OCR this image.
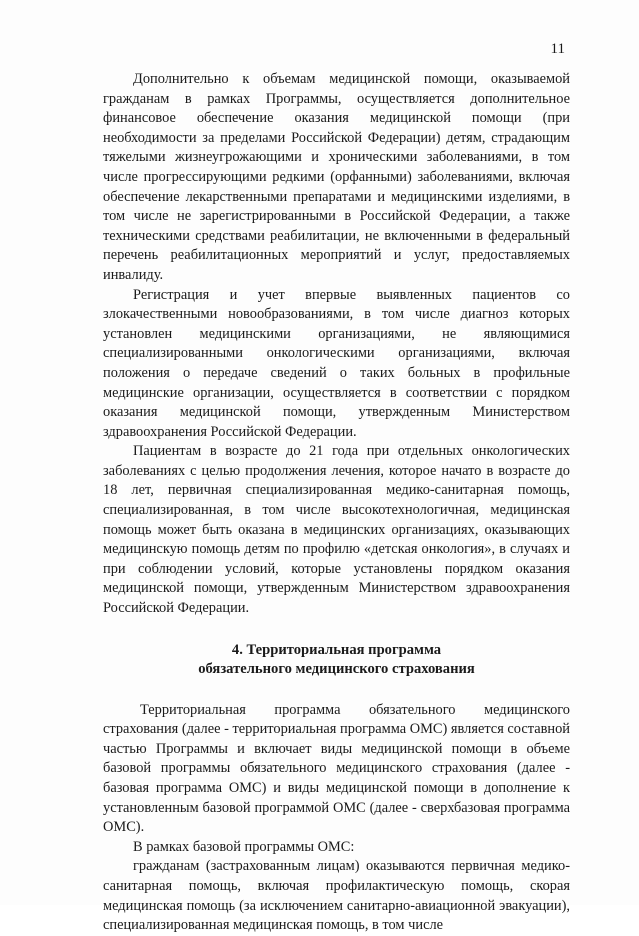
11

Дополнительно к объемам медицинской помощи, оказываемой гражданам в рамках Программы, осуществляется дополнительное финансовое обеспечение оказания медицинской помощи (при необходимости за пределами Российской Федерации) детям, страдающим тяжелыми жизнеугрожающими и хроническими заболеваниями, в том числе прогрессирующими редкими (орфанными) заболеваниями, включая обеспечение лекарственными препаратами и медицинскими изделиями, в том числе не зарегистрированными в Российской Федерации, а также техническими средствами реабилитации, не включенными в федеральный перечень реабилитационных мероприятий и услуг, предоставляемых инвалиду.

Регистрация и учет впервые выявленных пациентов со злокачественными новообразованиями, в том числе диагноз которых установлен медицинскими организациями, не являющимися специализированными онкологическими организациями, включая положения о передаче сведений о таких больных в профильные медицинские организации, осуществляется в соответствии с порядком оказания медицинской помощи, утвержденным Министерством здравоохранения Российской Федерации.

Пациентам в возрасте до 21 года при отдельных онкологических заболеваниях с целью продолжения лечения, которое начато в возрасте до 18 лет, первичная специализированная медико-санитарная помощь, специализированная, в том числе высокотехнологичная, медицинская помощь может быть оказана в медицинских организациях, оказывающих медицинскую помощь детям по профилю «детская онкология», в случаях и при соблюдении условий, которые установлены порядком оказания медицинской помощи, утвержденным Министерством здравоохранения Российской Федерации.

4. Территориальная программа
обязательного медицинского страхования

Территориальная программа обязательного медицинского страхования (далее - территориальная программа ОМС) является составной частью Программы и включает виды медицинской помощи в объеме базовой программы обязательного медицинского страхования (далее - базовая программа ОМС) и виды медицинской помощи в дополнение к установленным базовой программой ОМС (далее - сверхбазовая программа ОМС).

В рамках базовой программы ОМС:

гражданам (застрахованным лицам) оказываются первичная медико-санитарная помощь, включая профилактическую помощь, скорая медицинская помощь (за исключением санитарно-авиационной эвакуации), специализированная медицинская помощь, в том числе
